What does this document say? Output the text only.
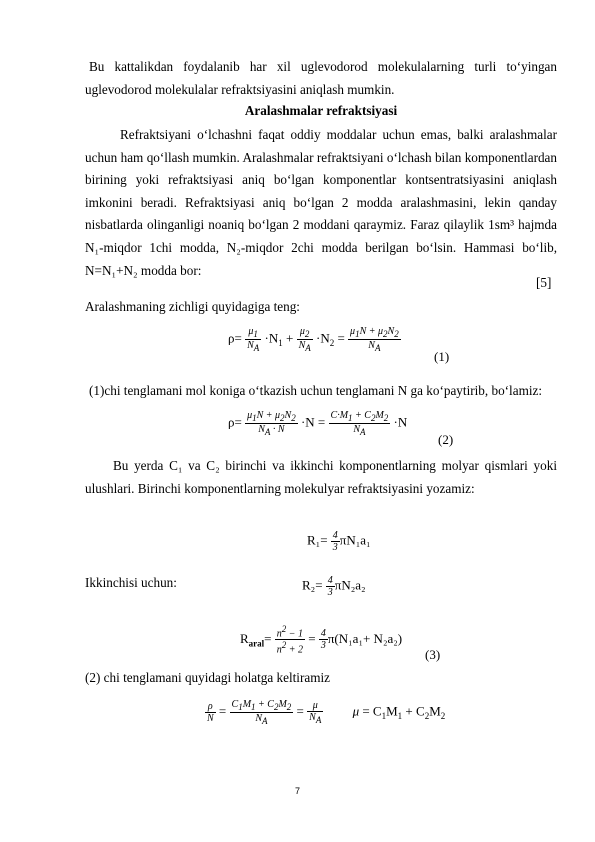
Bu kattalikdan foydalanib har xil uglevodorod molekulalarning turli to‘yingan uglevodorod molekulalar refraktsiyasini aniqlash mumkin.

Aralashmalar refraktsiyasi

Refraktsiyani o‘lchashni faqat oddiy moddalar uchun emas, balki aralashmalar uchun ham qo‘llash mumkin. Aralashmalar refraktsiyani o‘lchash bilan komponentlardan birining yoki refraktsiyasi aniq bo‘lgan komponentlar kontsentratsiyasini aniqlash imkonini beradi. Refraktsiyasi aniq bo‘lgan 2 modda aralashmasini, lekin qanday nisbatlarda olinganligi noaniq bo‘lgan 2 moddani qaraymiz. Faraz qilaylik 1sm³ hajmda N₁-miqdor 1chi modda, N₂-miqdor 2chi modda berilgan bo‘lsin. Hammasi bo‘lib, N=N₁+N₂ modda bor:

[5]

Aralashmaning zichligi quyidagiga teng:

$\rho= \frac{\mu_1}{N_A} \cdot N_1 + \frac{\mu_2}{N_A} \cdot N_2 = \frac{\mu_1N + \mu_2N_2}{N_A}$
(1)

(1)chi tenglamani mol koniga o‘tkazish uchun tenglamani N ga ko‘paytirib, bo‘lamiz:

$\rho= \frac{\mu_1N + \mu_2N_2}{N_A \cdot N} \cdot N = \frac{C\cdot M_1 + C_2M_2}{N_A} \cdot N$
(2)

Bu yerda C₁ va C₂ birinchi va ikkinchi komponentlarning molyar qismlari yoki ulushlari. Birinchi komponentlarning molekulyar refraktsiyasini yozamiz:

$R_1= \frac{4}{3} \pi N_1a_1$

Ikkinchisi uchun:	$R_2= \frac{4}{3} \pi N_2a_2$
$R_{aral}= \frac{n^2 - 1}{n^2 + 2} = \frac{4}{3} \pi(N_1a_1+ N_2a_2)$
(3)

(2) chi tenglamani quyidagi holatga keltiramiz

$\frac{\rho}{N} = \frac{C_1M_1 + C_2M_2}{N_A} = \frac{\mu}{N_A}$ $\mu = C_1M_1 + C_2M_2$
7
